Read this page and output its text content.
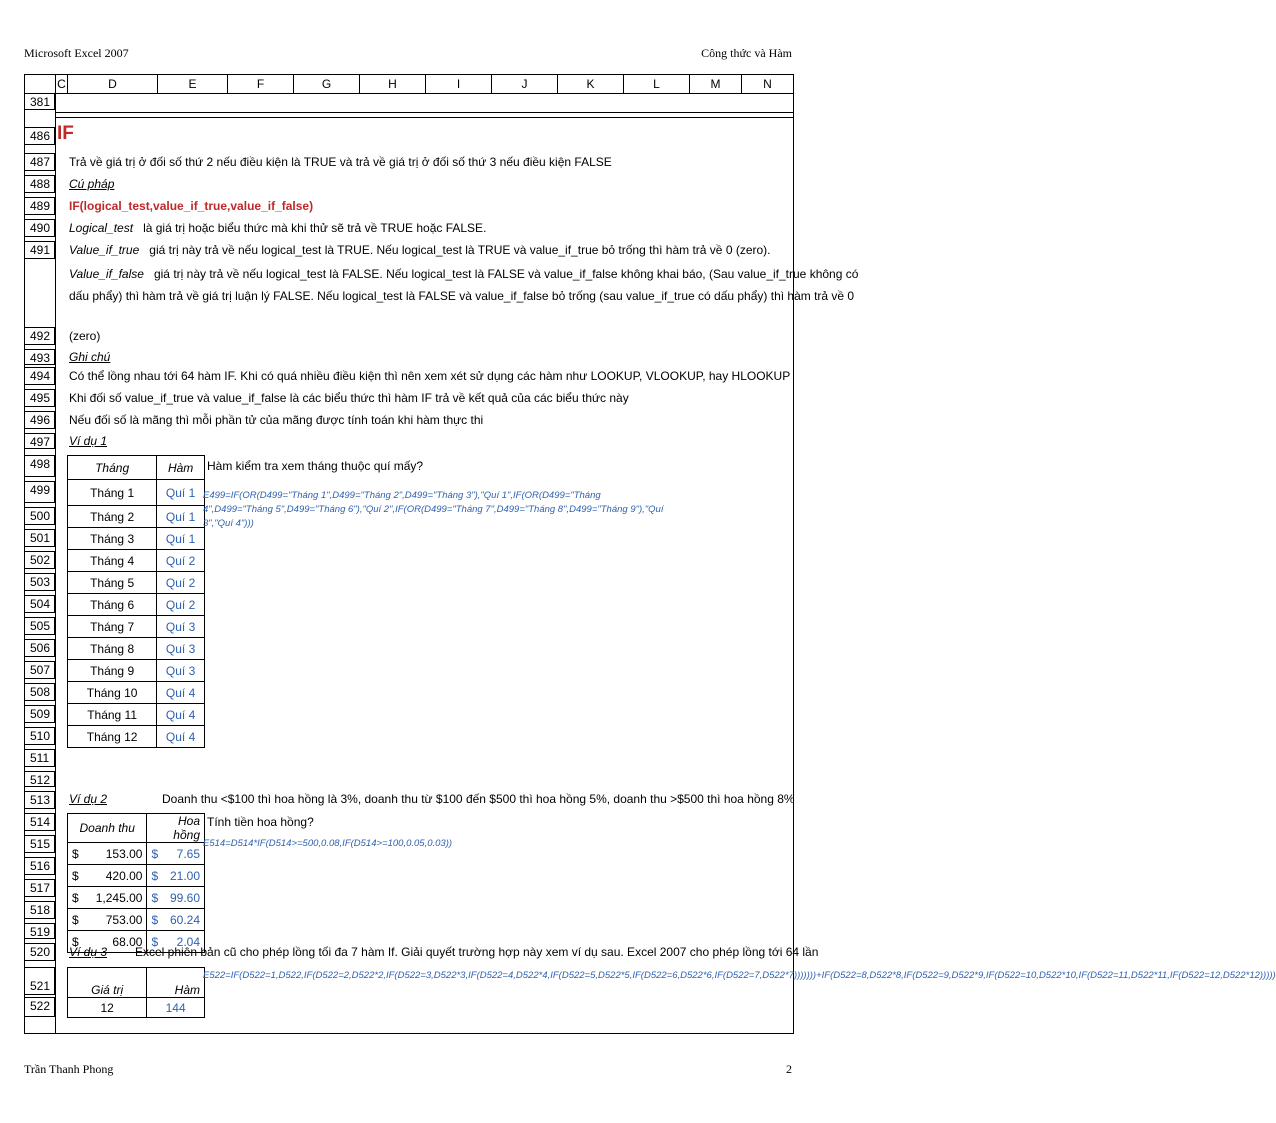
Microsoft Excel 2007	Công thức và Hàm
C	D	E	F	G	H	I	J	K	L	M	N
381
486
487
488
489
490
491
492
493
494
495
496
497
498
499
500
501
502
503
504
505
506
507
508
509
510
511
512
513
514
515
516
517
518
519
520
521
522
IF
Trả về giá trị ở đối số thứ 2 nếu điều kiện là TRUE và trả về giá trị ở đối số thứ 3 nếu điều kiện FALSE
Cú pháp
IF(logical_test,value_if_true,value_if_false)
Logical_test là giá trị hoặc biểu thức mà khi thử sẽ trả về TRUE hoặc FALSE.
Value_if_true giá trị này trả về nếu logical_test là TRUE. Nếu logical_test là TRUE và value_if_true bỏ trống thì hàm trả về 0 (zero).
Value_if_false giá trị này trả về nếu logical_test là FALSE. Nếu logical_test là FALSE và value_if_false không khai báo, (Sau value_if_true không có
dấu phẩy) thì hàm trả về giá trị luận lý FALSE. Nếu logical_test là FALSE và value_if_false bỏ trống (sau value_if_true có dấu phẩy) thì hàm trả về 0
(zero)
Ghi chú
Có thể lồng nhau tới 64 hàm IF. Khi có quá nhiều điều kiện thì nên xem xét sử dụng các hàm như LOOKUP, VLOOKUP, hay HLOOKUP
Khi đối số value_if_true và value_if_false là các biểu thức thì hàm IF trả về kết quả của các biểu thức này
Nếu đối số là mãng thì mỗi phần tử của mãng được tính toán khi hàm thực thi
Ví dụ 1
Tháng	Hàm
Tháng 1	Quí 1
Tháng 2	Quí 1
Tháng 3	Quí 1
Tháng 4	Quí 2
Tháng 5	Quí 2
Tháng 6	Quí 2
Tháng 7	Quí 3
Tháng 8	Quí 3
Tháng 9	Quí 3
Tháng 10	Quí 4
Tháng 11	Quí 4
Tháng 12	Quí 4
Hàm kiểm tra xem tháng thuộc quí mấy?
E499=IF(OR(D499="Tháng 1",D499="Tháng 2",D499="Tháng 3"),"Quí 1",IF(OR(D499="Tháng 4",D499="Tháng 5",D499="Tháng 6"),"Quí 2",IF(OR(D499="Tháng 7",D499="Tháng 8",D499="Tháng 9"),"Quí 3","Quí 4")))
Ví dụ 2	Doanh thu <$100 thì hoa hồng là 3%, doanh thu từ $100 đến $500 thì hoa hồng 5%, doanh thu >$500 thì hoa hồng 8%
Doanh thu	Hoa hồng

$ 153.00	$ 7.65

$ 420.00	$ 21.00

$ 1,245.00	$ 99.60

$ 753.00	$ 60.24

$ 68.00	$ 2.04
Tính tiền hoa hồng?
E514=D514*IF(D514>=500,0.08,IF(D514>=100,0.05,0.03))
Ví dụ 3 Excel phiên bản cũ cho phép lồng tối đa 7 hàm If. Giải quyết trường hợp này xem ví dụ sau. Excel 2007 cho phép lồng tới 64 lần
Giá trị	Hàm
12	144
E522=IF(D522=1,D522,IF(D522=2,D522*2,IF(D522=3,D522*3,IF(D522=4,D522*4,IF(D522=5,D522*5,IF(D522=6,D522*6,IF(D522=7,D522*7)))))))+IF(D522=8,D522*8,IF(D522=9,D522*9,IF(D522=10,D522*10,IF(D522=11,D522*11,IF(D522=12,D522*12)))))
Trần Thanh Phong	2
